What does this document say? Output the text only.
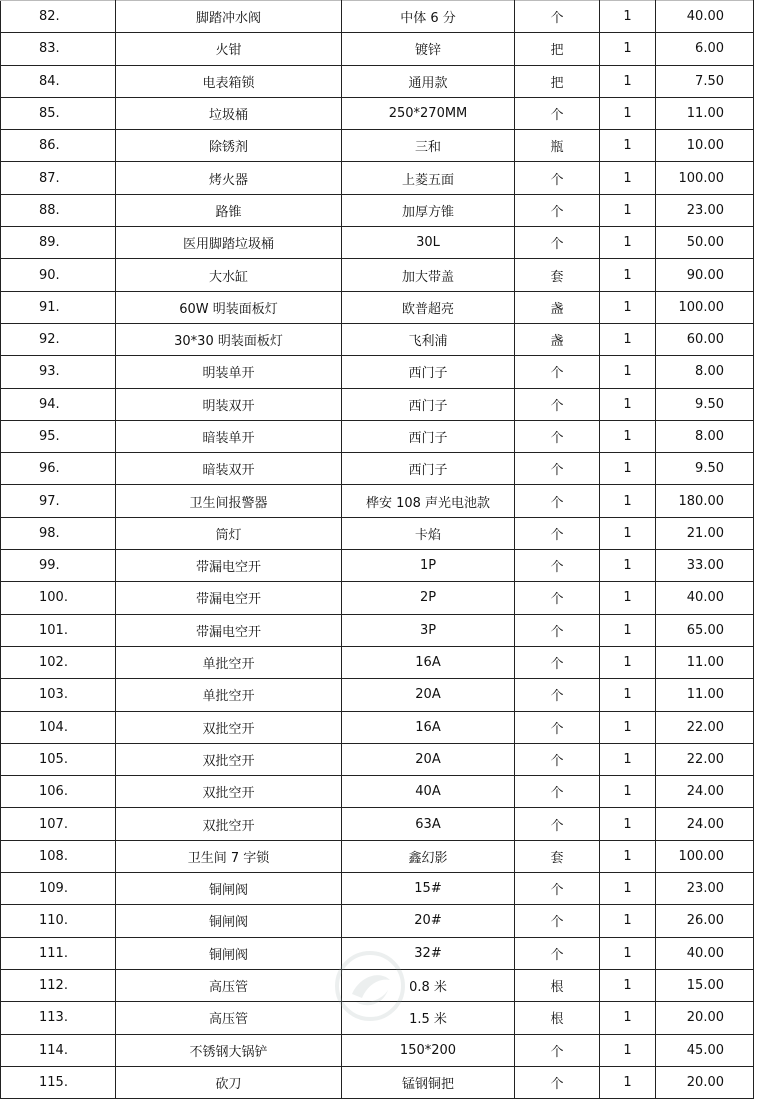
82.	脚踏冲水阀	中体 6 分	个	1	40.00
83.	火钳	镀锌	把	1	6.00
84.	电表箱锁	通用款	把	1	7.50
85.	垃圾桶	250*270MM	个	1	11.00
86.	除锈剂	三和	瓶	1	10.00
87.	烤火器	上菱五面	个	1	100.00
88.	路锥	加厚方锥	个	1	23.00
89.	医用脚踏垃圾桶	30L	个	1	50.00
90.	大水缸	加大带盖	套	1	90.00
91.	60W 明装面板灯	欧普超亮	盏	1	100.00
92.	30*30 明装面板灯	飞利浦	盏	1	60.00
93.	明装单开	西门子	个	1	8.00
94.	明装双开	西门子	个	1	9.50
95.	暗装单开	西门子	个	1	8.00
96.	暗装双开	西门子	个	1	9.50
97.	卫生间报警器	桦安 108 声光电池款	个	1	180.00
98.	筒灯	卡焰	个	1	21.00
99.	带漏电空开	1P	个	1	33.00
100.	带漏电空开	2P	个	1	40.00
101.	带漏电空开	3P	个	1	65.00
102.	单批空开	16A	个	1	11.00
103.	单批空开	20A	个	1	11.00
104.	双批空开	16A	个	1	22.00
105.	双批空开	20A	个	1	22.00
106.	双批空开	40A	个	1	24.00
107.	双批空开	63A	个	1	24.00
108.	卫生间 7 字锁	鑫幻影	套	1	100.00
109.	铜闸阀	15#	个	1	23.00
110.	铜闸阀	20#	个	1	26.00
111.	铜闸阀	32#	个	1	40.00
112.	高压管	0.8 米	根	1	15.00
113.	高压管	1.5 米	根	1	20.00
114.	不锈钢大锅铲	150*200	个	1	45.00
115.	砍刀	锰钢铜把	个	1	20.00
